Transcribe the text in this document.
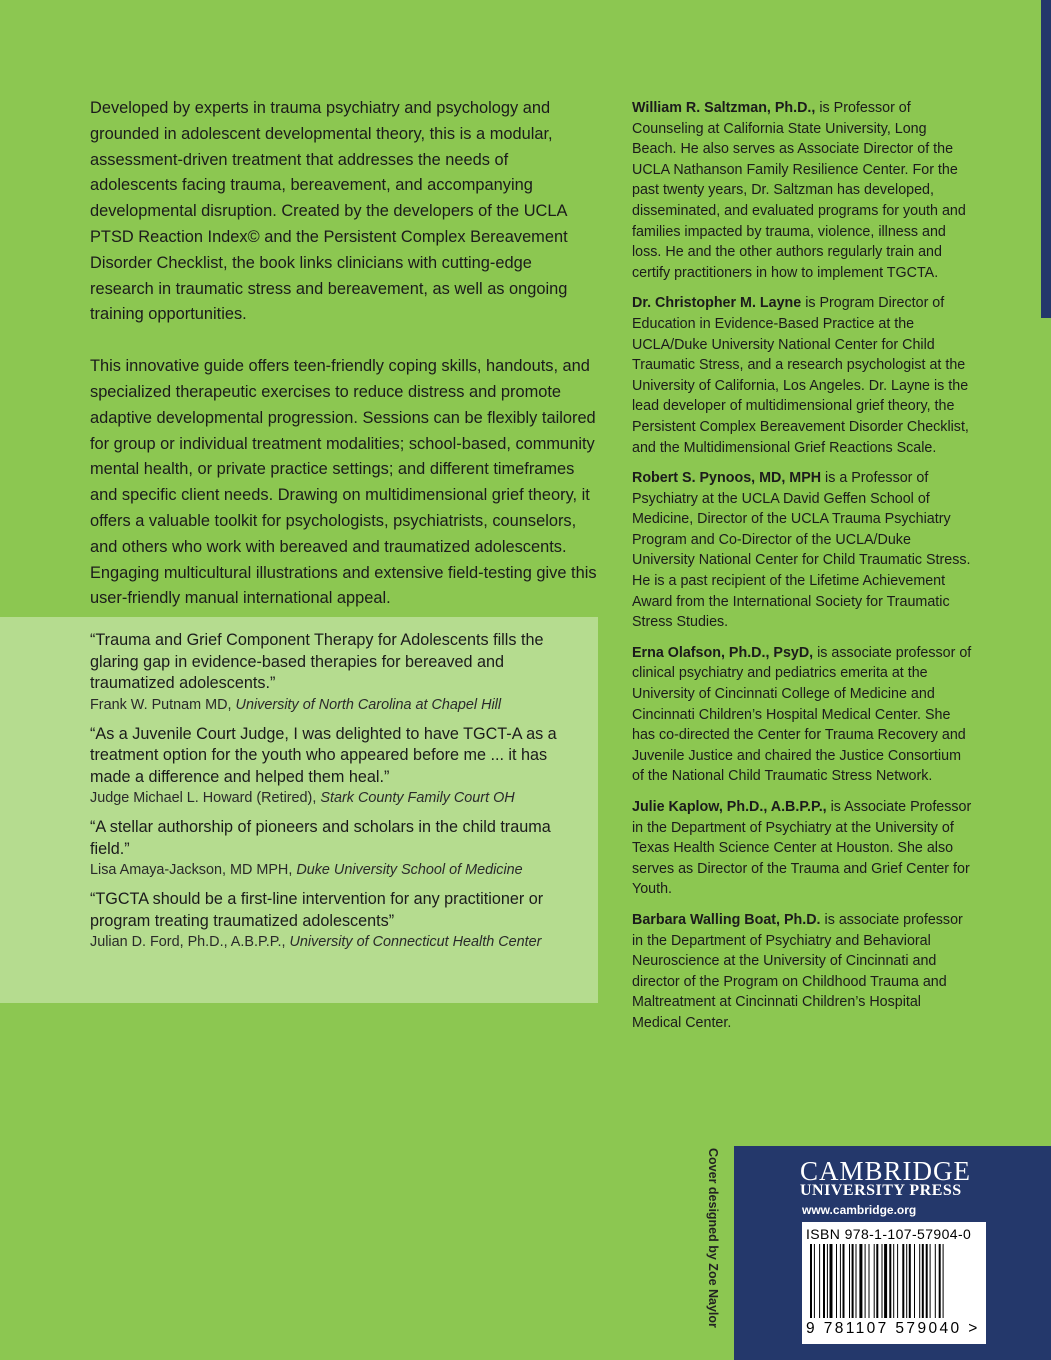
Developed by experts in trauma psychiatry and psychology and grounded in adolescent developmental theory, this is a modular, assessment-driven treatment that addresses the needs of adolescents facing trauma, bereavement, and accompanying developmental disruption. Created by the developers of the UCLA PTSD Reaction Index© and the Persistent Complex Bereavement Disorder Checklist, the book links clinicians with cutting-edge research in traumatic stress and bereavement, as well as ongoing training opportunities.

This innovative guide offers teen-friendly coping skills, handouts, and specialized therapeutic exercises to reduce distress and promote adaptive developmental progression. Sessions can be flexibly tailored for group or individual treatment modalities; school-based, community mental health, or private practice settings; and different timeframes and specific client needs. Drawing on multidimensional grief theory, it offers a valuable toolkit for psychologists, psychiatrists, counselors, and others who work with bereaved and traumatized adolescents. Engaging multicultural illustrations and extensive field-testing give this user-friendly manual international appeal.

“Trauma and Grief Component Therapy for Adolescents fills the glaring gap in evidence-based therapies for bereaved and traumatized adolescents.”

Frank W. Putnam MD, University of North Carolina at Chapel Hill

“As a Juvenile Court Judge, I was delighted to have TGCT-A as a treatment option for the youth who appeared before me ... it has made a difference and helped them heal.”

Judge Michael L. Howard (Retired), Stark County Family Court OH

“A stellar authorship of pioneers and scholars in the child trauma field.”

Lisa Amaya-Jackson, MD MPH, Duke University School of Medicine

“TGCTA should be a first-line intervention for any practitioner or program treating traumatized adolescents”

Julian D. Ford, Ph.D., A.B.P.P., University of Connecticut Health Center

William R. Saltzman, Ph.D., is Professor of Counseling at California State University, Long Beach. He also serves as Associate Director of the UCLA Nathanson Family Resilience Center. For the past twenty years, Dr. Saltzman has developed, disseminated, and evaluated programs for youth and families impacted by trauma, violence, illness and loss. He and the other authors regularly train and certify practitioners in how to implement TGCTA.

Dr. Christopher M. Layne is Program Director of Education in Evidence-Based Practice at the UCLA/Duke University National Center for Child Traumatic Stress, and a research psychologist at the University of California, Los Angeles. Dr. Layne is the lead developer of multidimensional grief theory, the Persistent Complex Bereavement Disorder Checklist, and the Multidimensional Grief Reactions Scale.

Robert S. Pynoos, MD, MPH is a Professor of Psychiatry at the UCLA David Geffen School of Medicine, Director of the UCLA Trauma Psychiatry Program and Co-Director of the UCLA/Duke University National Center for Child Traumatic Stress. He is a past recipient of the Lifetime Achievement Award from the International Society for Traumatic Stress Studies.

Erna Olafson, Ph.D., PsyD, is associate professor of clinical psychiatry and pediatrics emerita at the University of Cincinnati College of Medicine and Cincinnati Children’s Hospital Medical Center. She has co-directed the Center for Trauma Recovery and Juvenile Justice and chaired the Justice Consortium of the National Child Traumatic Stress Network.

Julie Kaplow, Ph.D., A.B.P.P., is Associate Professor in the Department of Psychiatry at the University of Texas Health Science Center at Houston. She also serves as Director of the Trauma and Grief Center for Youth.

Barbara Walling Boat, Ph.D. is associate professor in the Department of Psychiatry and Behavioral Neuroscience at the University of Cincinnati and director of the Program on Childhood Trauma and Maltreatment at Cincinnati Children’s Hospital Medical Center.

Cover designed by Zoe Naylor	CAMBRIDGE
UNIVERSITY PRESS
www.cambridge.org
ISBN 978-1-107-57904-0
9 781107 579040 >
